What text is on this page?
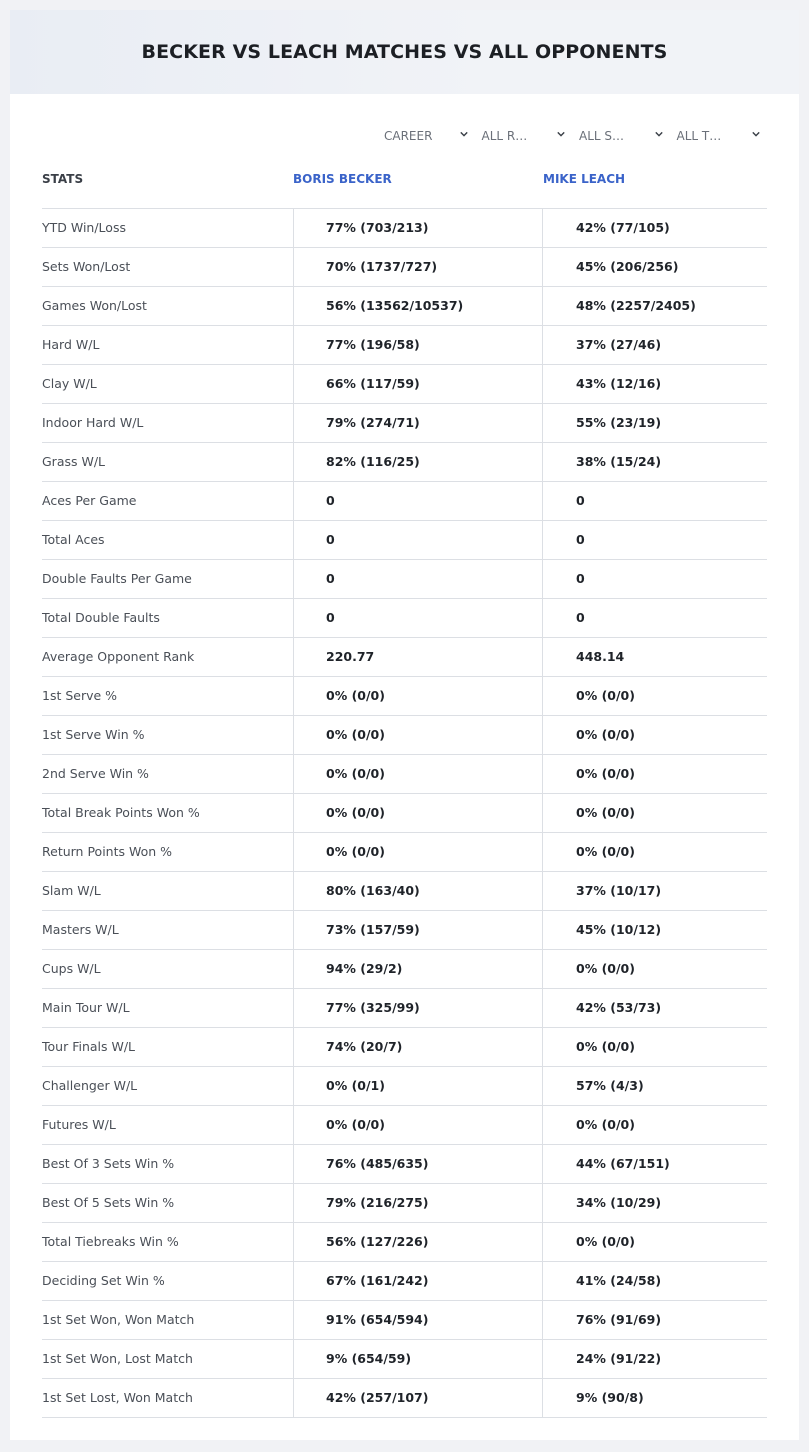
BECKER VS LEACH MATCHES VS ALL OPPONENTS
CAREER	ALL R…	ALL S…	ALL T…
STATS	BORIS BECKER	MIKE LEACH
YTD Win/Loss	77% (703/213)	42% (77/105)
Sets Won/Lost	70% (1737/727)	45% (206/256)
Games Won/Lost	56% (13562/10537)	48% (2257/2405)
Hard W/L	77% (196/58)	37% (27/46)
Clay W/L	66% (117/59)	43% (12/16)
Indoor Hard W/L	79% (274/71)	55% (23/19)
Grass W/L	82% (116/25)	38% (15/24)
Aces Per Game	0	0
Total Aces	0	0
Double Faults Per Game	0	0
Total Double Faults	0	0
Average Opponent Rank	220.77	448.14
1st Serve %	0% (0/0)	0% (0/0)
1st Serve Win %	0% (0/0)	0% (0/0)
2nd Serve Win %	0% (0/0)	0% (0/0)
Total Break Points Won %	0% (0/0)	0% (0/0)
Return Points Won %	0% (0/0)	0% (0/0)
Slam W/L	80% (163/40)	37% (10/17)
Masters W/L	73% (157/59)	45% (10/12)
Cups W/L	94% (29/2)	0% (0/0)
Main Tour W/L	77% (325/99)	42% (53/73)
Tour Finals W/L	74% (20/7)	0% (0/0)
Challenger W/L	0% (0/1)	57% (4/3)
Futures W/L	0% (0/0)	0% (0/0)
Best Of 3 Sets Win %	76% (485/635)	44% (67/151)
Best Of 5 Sets Win %	79% (216/275)	34% (10/29)
Total Tiebreaks Win %	56% (127/226)	0% (0/0)
Deciding Set Win %	67% (161/242)	41% (24/58)
1st Set Won, Won Match	91% (654/594)	76% (91/69)
1st Set Won, Lost Match	9% (654/59)	24% (91/22)
1st Set Lost, Won Match	42% (257/107)	9% (90/8)
